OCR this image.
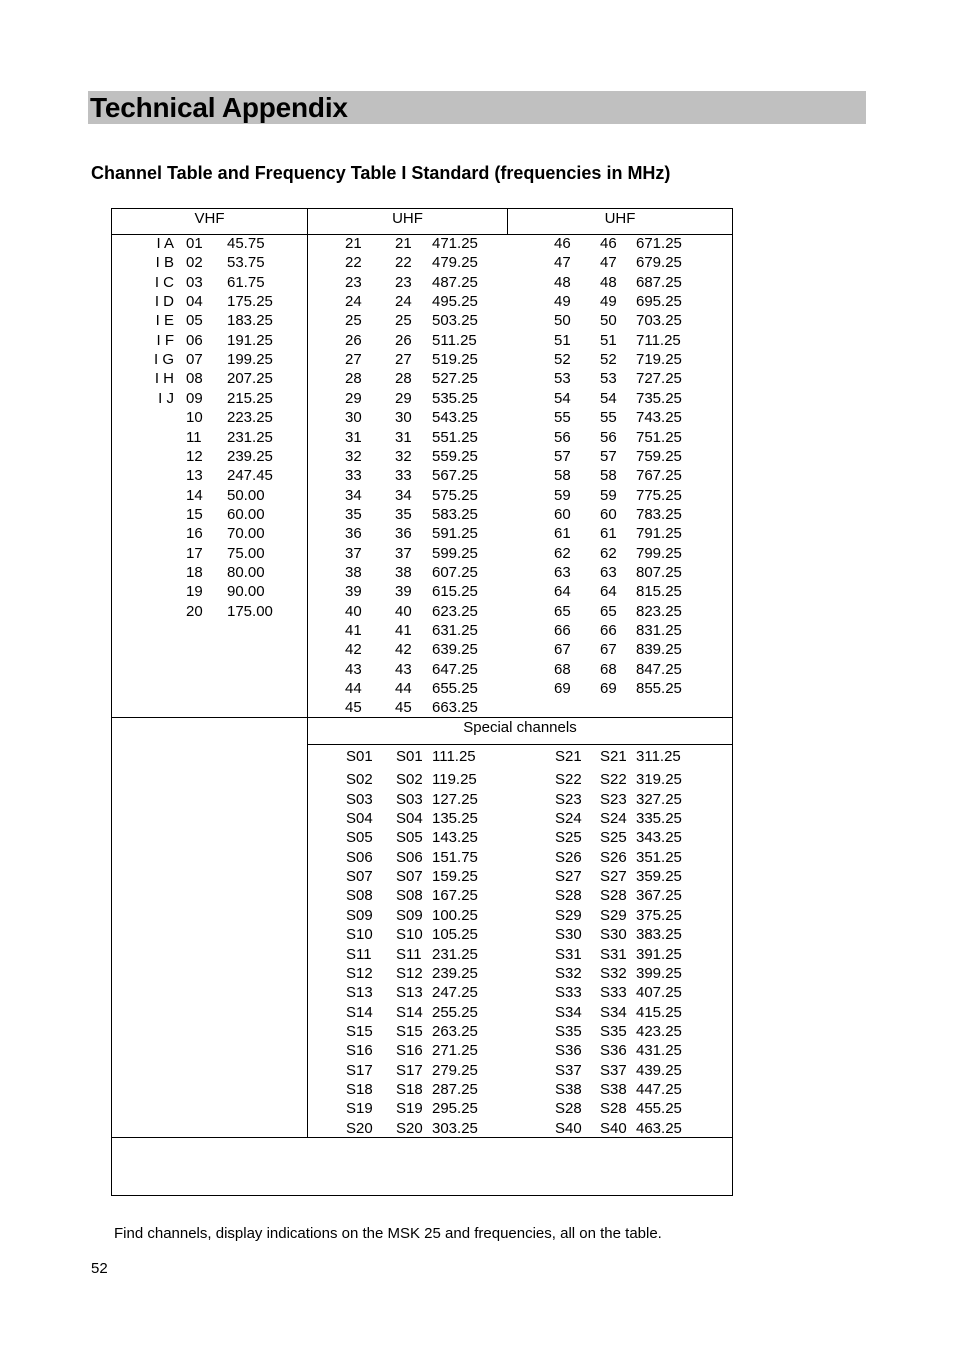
Technical Appendix

Channel Table and Frequency Table I Standard (frequencies in MHz)

VHF	UHF	UHF
Special channels
I A 01 45.75
I B 02 53.75
I C 03 61.75
I D 04 175.25
I E 05 183.25
I F 06 191.25
I G 07 199.25
I H 08 207.25
I J 09 215.25
10 223.25
11 231.25
12 239.25
13 247.45
14 50.00
15 60.00
16 70.00
17 75.00
18 80.00
19 90.00
20 175.00
21 21 471.25
22 22 479.25
23 23 487.25
24 24 495.25
25 25 503.25
26 26 511.25
27 27 519.25
28 28 527.25
29 29 535.25
30 30 543.25
31 31 551.25
32 32 559.25
33 33 567.25
34 34 575.25
35 35 583.25
36 36 591.25
37 37 599.25
38 38 607.25
39 39 615.25
40 40 623.25
41 41 631.25
42 42 639.25
43 43 647.25
44 44 655.25
45 45 663.25
46 46 671.25
47 47 679.25
48 48 687.25
49 49 695.25
50 50 703.25
51 51 711.25
52 52 719.25
53 53 727.25
54 54 735.25
55 55 743.25
56 56 751.25
57 57 759.25
58 58 767.25
59 59 775.25
60 60 783.25
61 61 791.25
62 62 799.25
63 63 807.25
64 64 815.25
65 65 823.25
66 66 831.25
67 67 839.25
68 68 847.25
69 69 855.25
S01 S01 111.25
S02 S02 119.25
S03 S03 127.25
S04 S04 135.25
S05 S05 143.25
S06 S06 151.75
S07 S07 159.25
S08 S08 167.25
S09 S09 100.25
S10 S10 105.25
S11 S11 231.25
S12 S12 239.25
S13 S13 247.25
S14 S14 255.25
S15 S15 263.25
S16 S16 271.25
S17 S17 279.25
S18 S18 287.25
S19 S19 295.25
S20 S20 303.25
S21 S21 311.25
S22 S22 319.25
S23 S23 327.25
S24 S24 335.25
S25 S25 343.25
S26 S26 351.25
S27 S27 359.25
S28 S28 367.25
S29 S29 375.25
S30 S30 383.25
S31 S31 391.25
S32 S32 399.25
S33 S33 407.25
S34 S34 415.25
S35 S35 423.25
S36 S36 431.25
S37 S37 439.25
S38 S38 447.25
S28 S28 455.25
S40 S40 463.25
Find channels, display indications on the MSK 25 and frequencies, all on the table.
52
